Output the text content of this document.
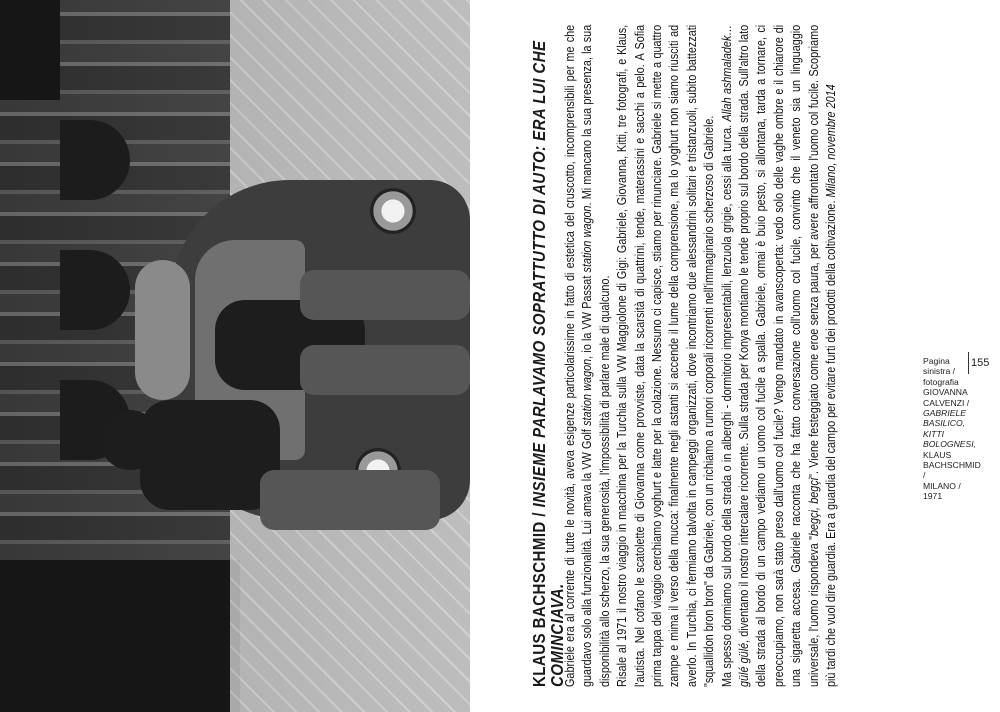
KLAUS BACHSCHMID / INSIEME PARLAVAMO SOPRATTUTTO DI AUTO: ERA LUI CHE COMINCIAVA.

Gabriele era al corrente di tutte le novità, aveva esigenze particolarissime in fatto di estetica del cruscotto, incomprensibili per me che guardavo solo alla funzionalità. Lui amava la VW Golf station wagon, io la VW Passat station wagon. Mi mancano la sua presenza, la sua disponibilità allo scherzo, la sua generosità, l'impossibilità di parlare male di qualcuno. Risale al 1971 il nostro viaggio in macchina per la Turchia sulla VW Maggiolone di Gigi: Gabriele, Giovanna, Kitti, tre fotografi, e Klaus, l'autista. Nel cofano le scatolette di Giovanna come provviste, data la scarsità di quattrini, tende, materassini e sacchi a pelo. A Sofia prima tappa del viaggio cerchiamo yoghurt e latte per la colazione. Nessuno ci capisce, stiamo per rinunciare. Gabriele si mette a quattro zampe e mima il verso della mucca: finalmente negli astanti si accende il lume della comprensione, ma lo yoghurt non siamo riusciti ad averlo. In Turchia, ci fermiamo talvolta in campeggi organizzati, dove incontriamo due alessandrini solitari e tristanzuoli, subito battezzati "squallidon bron bron" da Gabriele, con un richiamo a rumori corporali ricorrenti nell'immaginario scherzoso di Gabriele. Ma spesso dormiamo sul bordo della strada o in alberghi - dormitorio impresentabili, lenzuola grigie, cessi alla turca. Allah ashmaladek… gülé gülé, diventano il nostro intercalare ricorrente. Sulla strada per Konya montiamo le tende proprio sul bordo della strada. Sull'altro lato della strada al bordo di un campo vediamo un uomo col fucile a spalla. Gabriele, ormai è buio pesto, si allontana, tarda a tornare, ci preoccupiamo, non sarà stato preso dall'uomo col fucile? Vengo mandato in avanscoperta: vedo solo delle vaghe ombre e il chiarore di una sigaretta accesa. Gabriele racconta che ha fatto conversazione coll'uomo col fucile, convinto che il veneto sia un linguaggio universale, l'uomo rispondeva "begçi, begçi". Viene festeggiato come eroe senza paura, per avere affrontato l'uomo col fucile. Scopriamo più tardi che vuol dire guardia. Era a guardia del campo per evitare furti dei prodotti della coltivazione. Milano, novembre 2014

Pagina
sinistra /
fotografia
GIOVANNA
CALVENZI /
GABRIELE
BASILICO,
KITTI
BOLOGNESI,
KLAUS
BACHSCHMID /
MILANO /
1971
155
